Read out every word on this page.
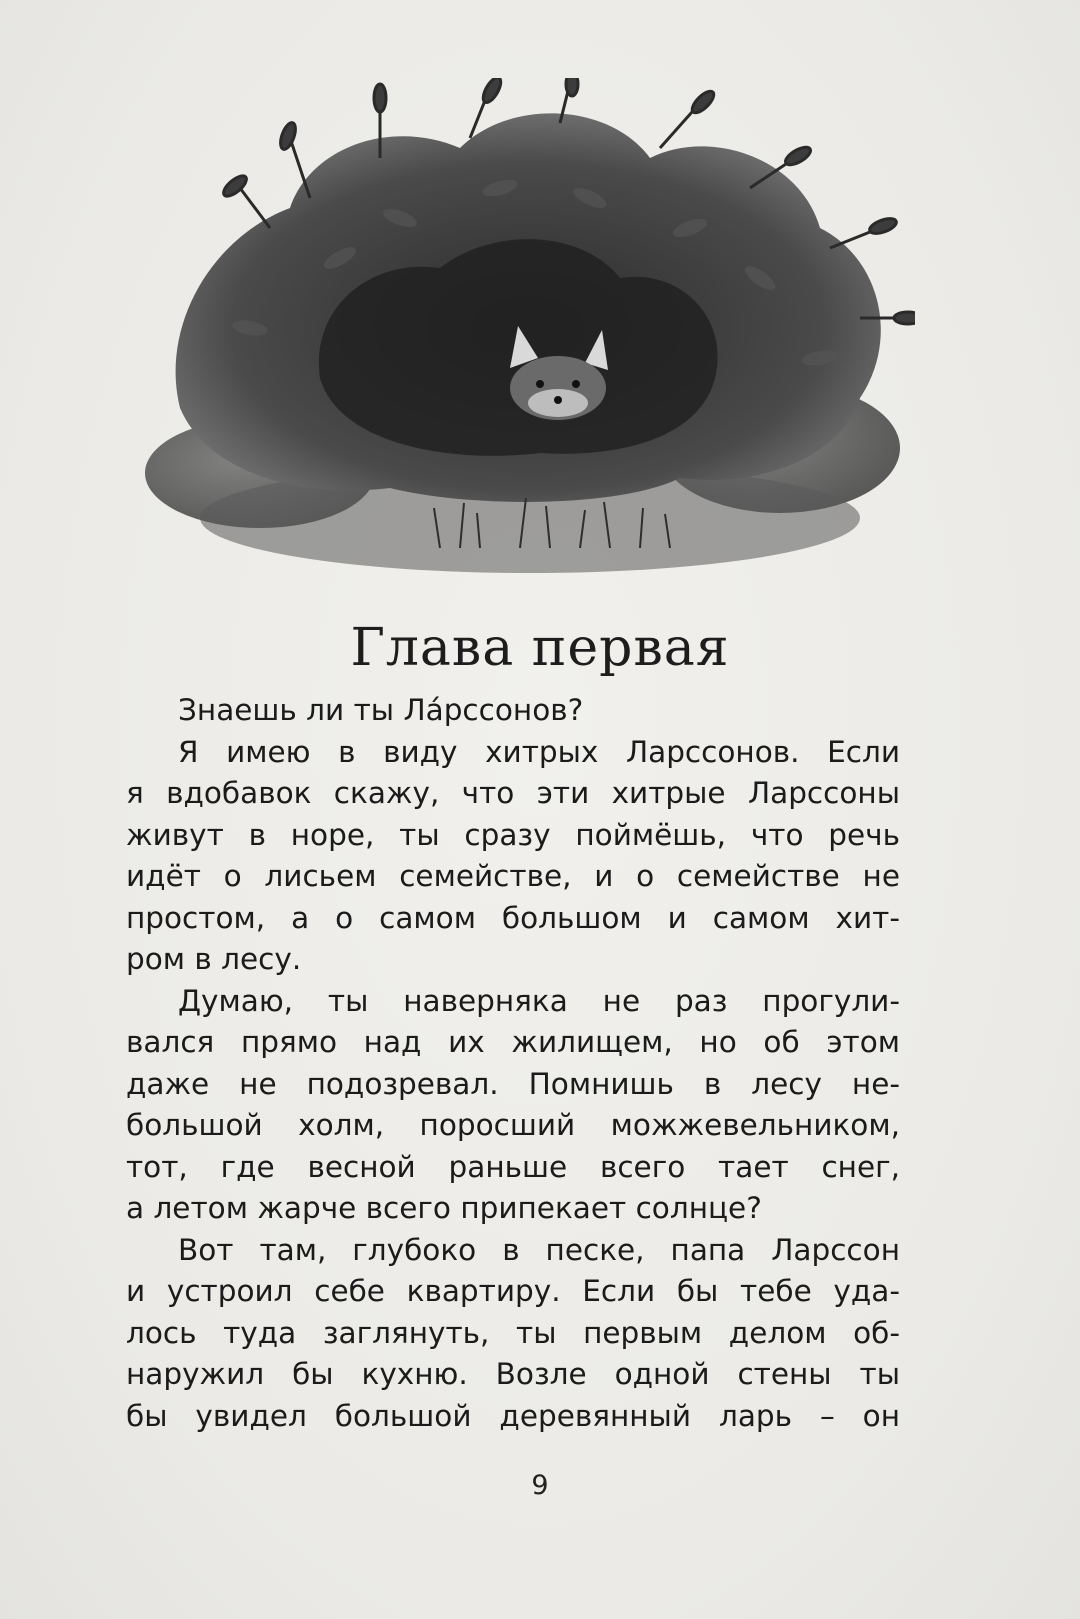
Глава первая
Знаешь ли ты Ла́рссонов?
Я имею в виду хитрых Ларссонов. Если
я вдобавок скажу, что эти хитрые Ларссоны
живут в норе, ты сразу поймёшь, что речь
идёт о лисьем семействе, и о семействе не
простом, а о самом большом и самом хит-
ром в лесу.
Думаю, ты наверняка не раз прогули-
вался прямо над их жилищем, но об этом
даже не подозревал. Помнишь в лесу не-
большой холм, поросший можжевельником,
тот, где весной раньше всего тает снег,
а летом жарче всего припекает солнце?
Вот там, глубоко в песке, папа Ларссон
и устроил себе квартиру. Если бы тебе уда-
лось туда заглянуть, ты первым делом об-
наружил бы кухню. Возле одной стены ты
бы увидел большой деревянный ларь – он
9
